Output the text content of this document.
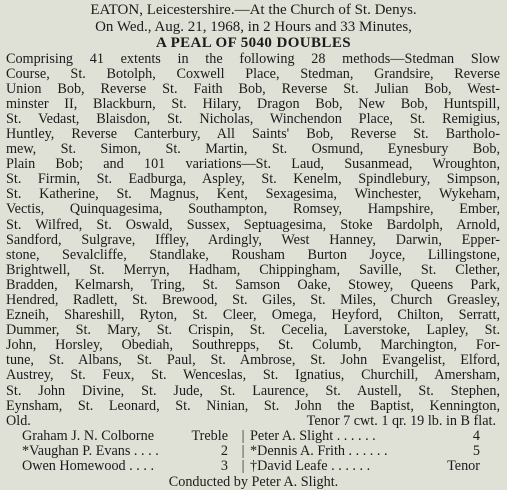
EATON, Leicestershire.—At the Church of St. Denys.
On Wed., Aug. 21, 1968, in 2 Hours and 33 Minutes,
A PEAL OF 5040 DOUBLES
Comprising 41 extents in the following 28 methods—Stedman Slow
Course, St. Botolph, Coxwell Place, Stedman, Grandsire, Reverse
Union Bob, Reverse St. Faith Bob, Reverse St. Julian Bob, West-
minster II, Blackburn, St. Hilary, Dragon Bob, New Bob, Huntspill,
St. Vedast, Blaisdon, St. Nicholas, Winchendon Place, St. Remigius,
Huntley, Reverse Canterbury, All Saints' Bob, Reverse St. Bartholo-
mew, St. Simon, St. Martin, St. Osmund, Eynesbury Bob,
Plain Bob; and 101 variations—St. Laud, Susanmead, Wroughton,
St. Firmin, St. Eadburga, Aspley, St. Kenelm, Spindlebury, Simpson,
St. Katherine, St. Magnus, Kent, Sexagesima, Winchester, Wykeham,
Vectis, Quinquagesima, Southampton, Romsey, Hampshire, Ember,
St. Wilfred, St. Oswald, Sussex, Septuagesima, Stoke Bardolph, Arnold,
Sandford, Sulgrave, Iffley, Ardingly, West Hanney, Darwin, Epper-
stone, Sevalcliffe, Standlake, Rousham Burton Joyce, Lillingstone,
Brightwell, St. Merryn, Hadham, Chippingham, Saville, St. Clether,
Bradden, Kelmarsh, Tring, St. Samson Oake, Stowey, Queens Park,
Hendred, Radlett, St. Brewood, St. Giles, St. Miles, Church Greasley,
Ezneih, Shareshill, Ryton, St. Cleer, Omega, Heyford, Chilton, Serratt,
Dummer, St. Mary, St. Crispin, St. Cecelia, Laverstoke, Lapley, St.
John, Horsley, Obediah, Southrepps, St. Columb, Marchington, For-
tune, St. Albans, St. Paul, St. Ambrose, St. John Evangelist, Elford,
Austrey, St. Feux, St. Wenceslas, St. Ignatius, Churchill, Amersham,
St. John Divine, St. Jude, St. Laurence, St. Austell, St. Stephen,
Eynsham, St. Leonard, St. Ninian, St. John the Baptist, Kennington,
Old.	Tenor 7 cwt. 1 qr. 19 lb. in B flat.
Graham J. N. Colborne	Treble | Peter A. Slight . . . . . .	4
*Vaughan P. Evans . . . .	2 | *Dennis A. Frith . . . . . .	5
Owen Homewood . . . .	3 | †David Leafe . . . . . .	Tenor
Conducted by Peter A. Slight.
